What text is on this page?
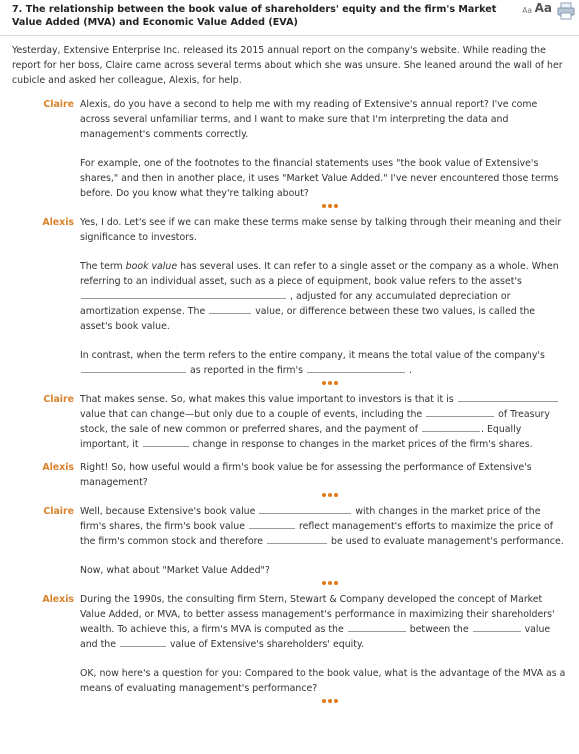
7. The relationship between the book value of shareholders' equity and the firm's Market Value Added (MVA) and Economic Value Added (EVA)
Aa Aa
Yesterday, Extensive Enterprise Inc. released its 2015 annual report on the company's website. While reading the report for her boss, Claire came across several terms about which she was unsure. She leaned around the wall of her cubicle and asked her colleague, Alexis, for help.
Claire Alexis, do you have a second to help me with my reading of Extensive's annual report? I've come across several unfamiliar terms, and I want to make sure that I'm interpreting the data and management's comments correctly.

For example, one of the footnotes to the financial statements uses "the book value of Extensive's shares," and then in another place, it uses "Market Value Added." I've never encountered those terms before. Do you know what they're talking about?

Alexis Yes, I do. Let's see if we can make these terms make sense by talking through their meaning and their significance to investors.

The term book value has several uses. It can refer to a single asset or the company as a whole. When referring to an individual asset, such as a piece of equipment, book value refers to the asset's  , adjusted for any accumulated depreciation or amortization expense. The	value, or difference between these two values, is called the asset's book value.

In contrast, when the term refers to the entire company, it means the total value of the company's  as reported in the firm's	.

Claire That makes sense. So, what makes this value important to investors is that it is  value that can change—but only due to a couple of events, including the	of Treasury stock, the sale of new common or preferred shares, and the payment of	. Equally important, it	change in response to changes in the market prices of the firm's shares.

Alexis Right! So, how useful would a firm's book value be for assessing the performance of Extensive's management?

Claire Well, because Extensive's book value	with changes in the market price of the firm's shares, the firm's book value	reflect management's efforts to maximize the price of the firm's common stock and therefore	be used to evaluate management's performance.

Now, what about "Market Value Added"?

Alexis During the 1990s, the consulting firm Stern, Stewart & Company developed the concept of Market Value Added, or MVA, to better assess management's performance in maximizing their shareholders' wealth. To achieve this, a firm's MVA is computed as the	between the	value and the	value of Extensive's shareholders' equity.

OK, now here's a question for you: Compared to the book value, what is the advantage of the MVA as a means of evaluating management's performance?
